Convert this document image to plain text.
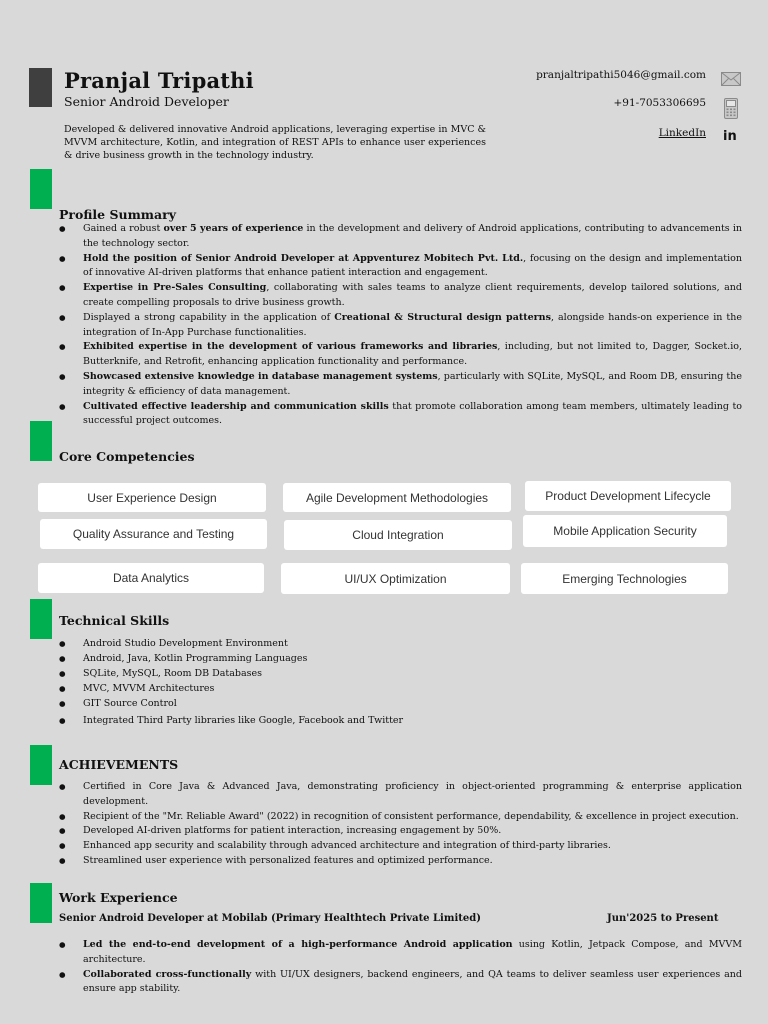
Pranjal Tripathi
Senior Android Developer
Developed & delivered innovative Android applications, leveraging expertise in MVC & MVVM architecture, Kotlin, and integration of REST APIs to enhance user experiences & drive business growth in the technology industry.
pranjaltripathi5046@gmail.com
+91-7053306695
LinkedIn in
Profile Summary
● Gained a robust over 5 years of experience in the development and delivery of Android applications, contributing to advancements in the technology sector.
● Hold the position of Senior Android Developer at Appventurez Mobitech Pvt. Ltd., focusing on the design and implementation of innovative AI-driven platforms that enhance patient interaction and engagement.
● Expertise in Pre-Sales Consulting, collaborating with sales teams to analyze client requirements, develop tailored solutions, and create compelling proposals to drive business growth.
● Displayed a strong capability in the application of Creational & Structural design patterns, alongside hands-on experience in the integration of In-App Purchase functionalities.
● Exhibited expertise in the development of various frameworks and libraries, including, but not limited to, Dagger, Socket.io, Butterknife, and Retrofit, enhancing application functionality and performance.
● Showcased extensive knowledge in database management systems, particularly with SQLite, MySQL, and Room DB, ensuring the integrity & efficiency of data management.
● Cultivated effective leadership and communication skills that promote collaboration among team members, ultimately leading to successful project outcomes.
Core Competencies
User Experience Design	Agile Development Methodologies	Product Development Lifecycle
Quality Assurance and Testing	Cloud Integration	Mobile Application Security
Data Analytics	UI/UX Optimization	Emerging Technologies
Technical Skills
● Android Studio Development Environment
● Android, Java, Kotlin Programming Languages
● SQLite, MySQL, Room DB Databases
● MVC, MVVM Architectures
● GIT Source Control
● Integrated Third Party libraries like Google, Facebook and Twitter
ACHIEVEMENTS
● Certified in Core Java & Advanced Java, demonstrating proficiency in object-oriented programming & enterprise application development.
● Recipient of the "Mr. Reliable Award" (2022) in recognition of consistent performance, dependability, & excellence in project execution.
● Developed AI-driven platforms for patient interaction, increasing engagement by 50%.
● Enhanced app security and scalability through advanced architecture and integration of third-party libraries.
● Streamlined user experience with personalized features and optimized performance.
Work Experience
Senior Android Developer at Mobilab (Primary Healthtech Private Limited)	Jun'2025 to Present
● Led the end-to-end development of a high-performance Android application using Kotlin, Jetpack Compose, and MVVM architecture.
● Collaborated cross-functionally with UI/UX designers, backend engineers, and QA teams to deliver seamless user experiences and ensure app stability.
